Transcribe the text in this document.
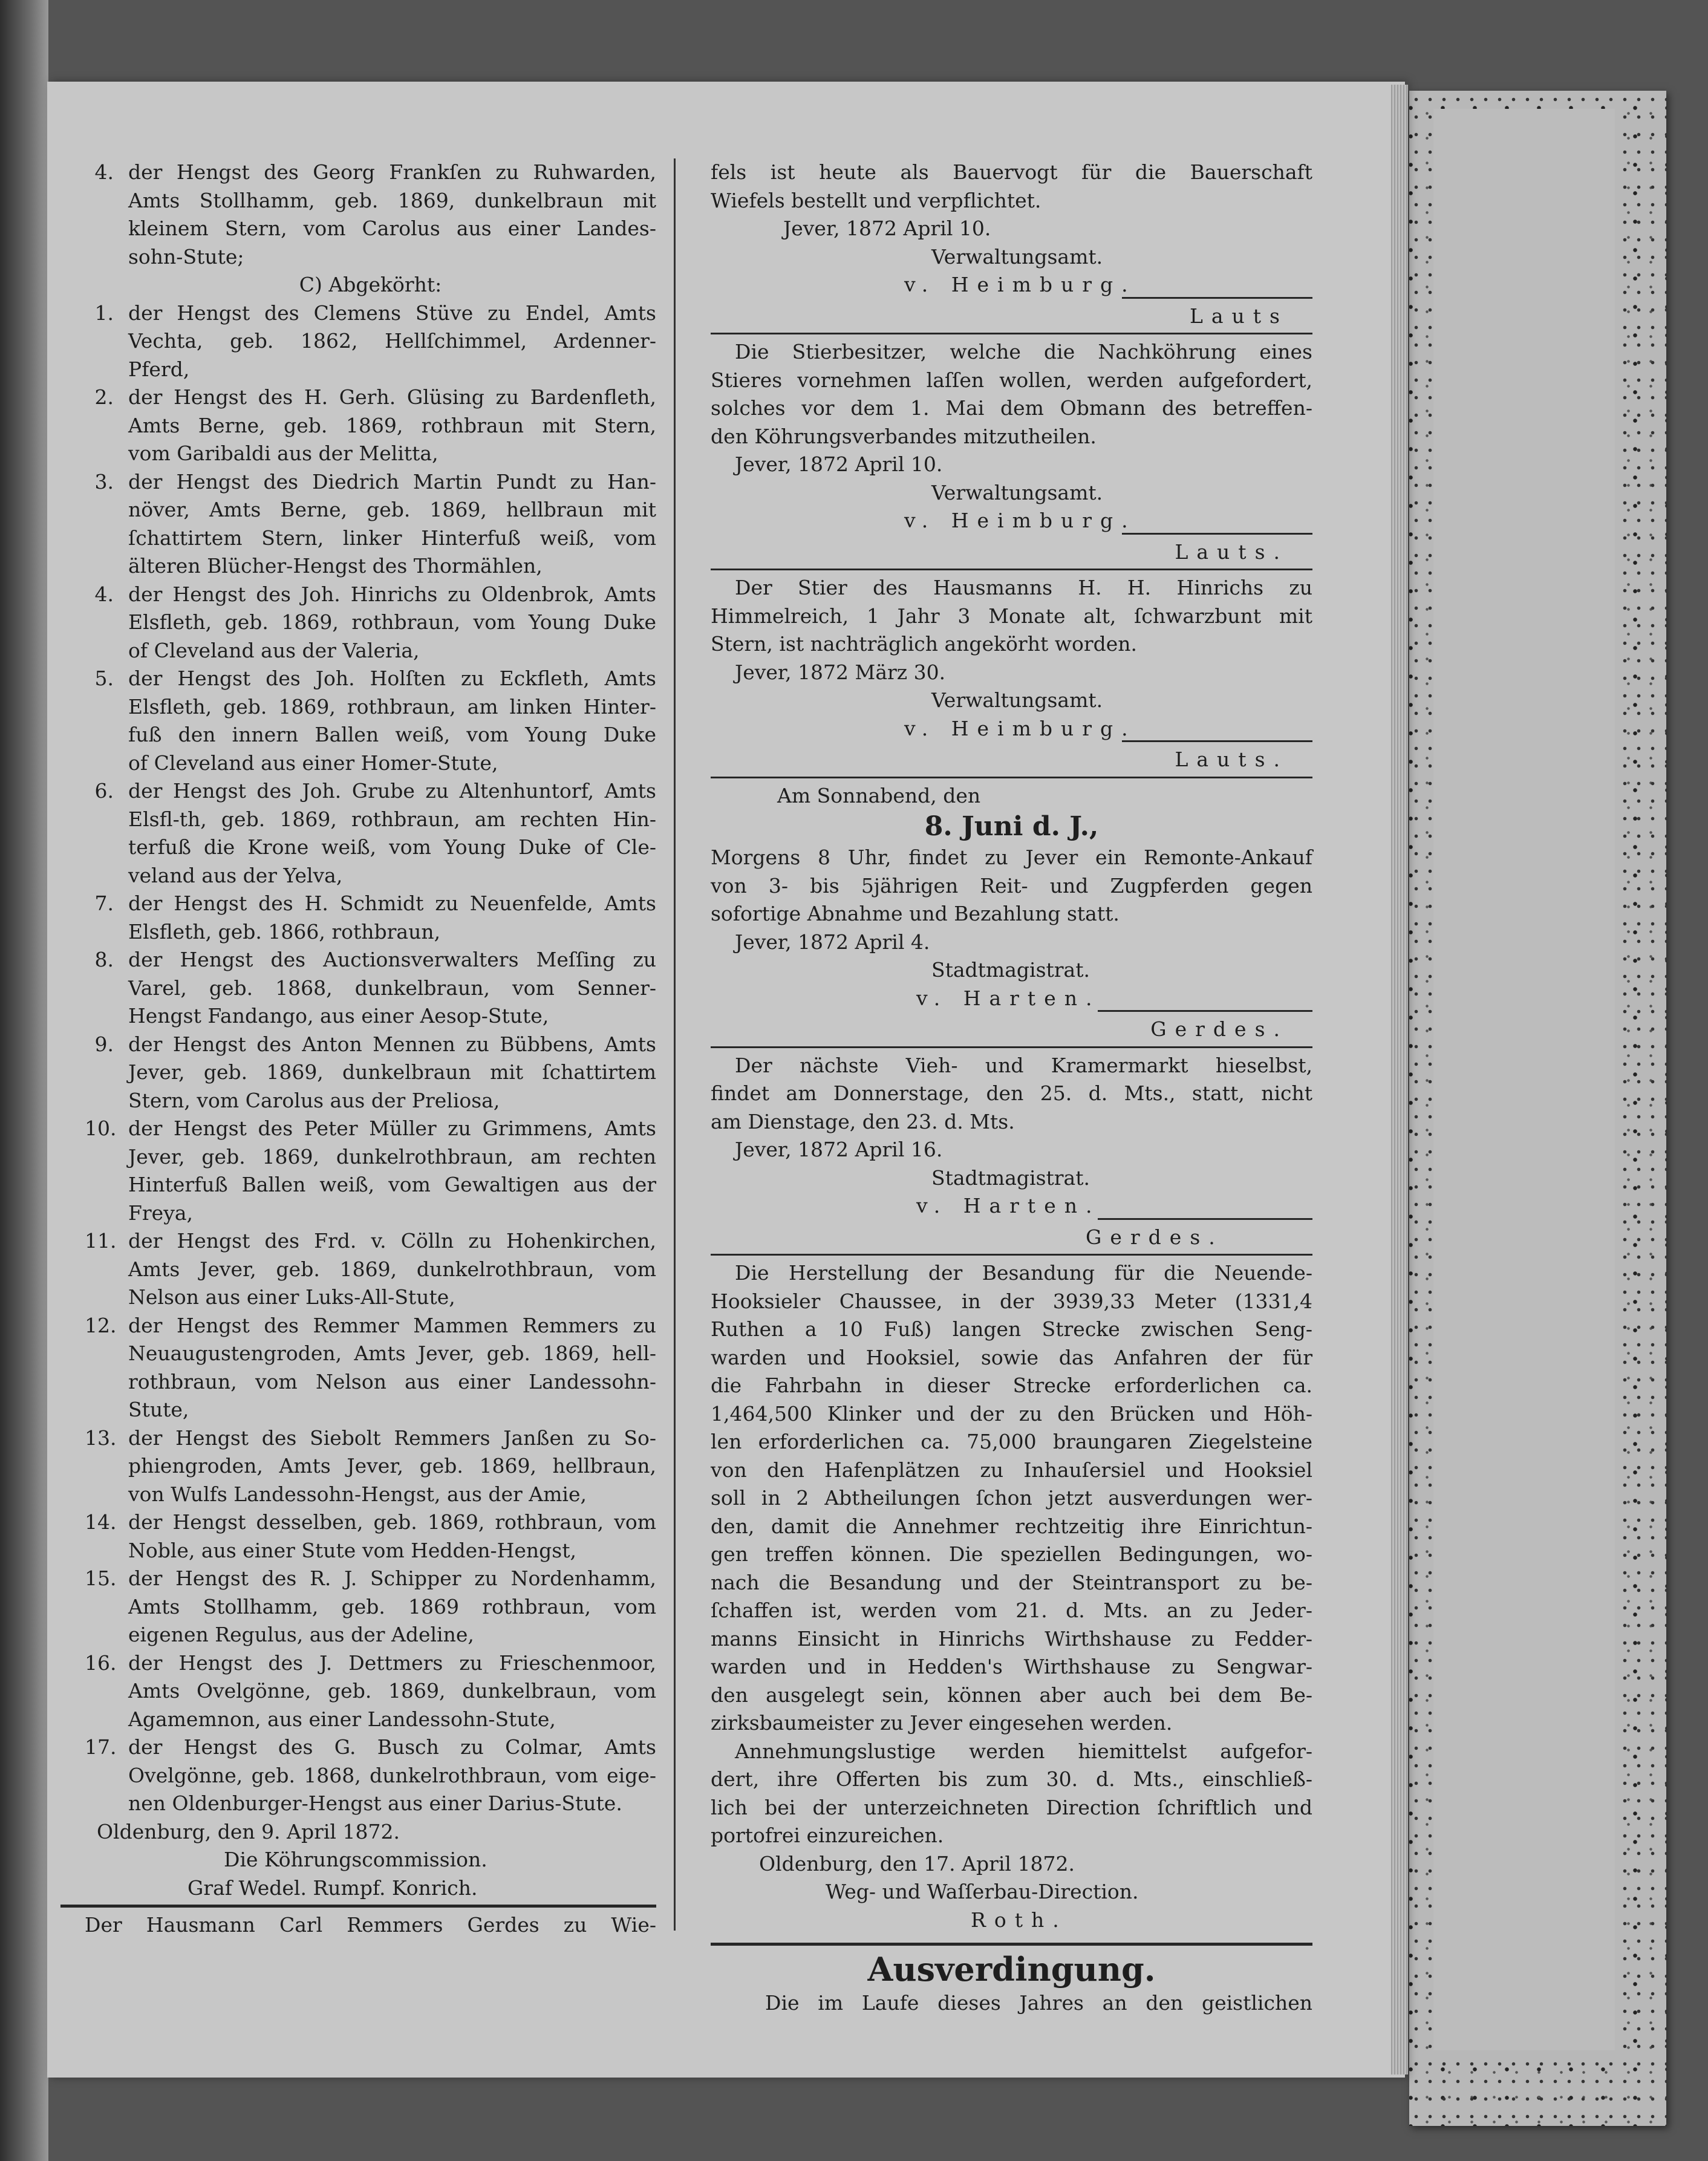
4. der Hengst des Georg Frankſen zu Ruhwarden,
Amts Stollhamm, geb. 1869, dunkelbraun mit
kleinem Stern, vom Carolus aus einer Landes-
sohn-Stute;
C) Abgekörht:
1. der Hengst des Clemens Stüve zu Endel, Amts
Vechta, geb. 1862, Hellſchimmel, Ardenner-
Pferd,
2. der Hengst des H. Gerh. Glüsing zu Bardenfleth,
Amts Berne, geb. 1869, rothbraun mit Stern,
vom Garibaldi aus der Melitta,
3. der Hengst des Diedrich Martin Pundt zu Han-
növer, Amts Berne, geb. 1869, hellbraun mit
ſchattirtem Stern, linker Hinterfuß weiß, vom
älteren Blücher-Hengst des Thormählen,
4. der Hengst des Joh. Hinrichs zu Oldenbrok, Amts
Elsfleth, geb. 1869, rothbraun, vom Young Duke
of Cleveland aus der Valeria,
5. der Hengst des Joh. Holſten zu Eckfleth, Amts
Elsfleth, geb. 1869, rothbraun, am linken Hinter-
fuß den innern Ballen weiß, vom Young Duke
of Cleveland aus einer Homer-Stute,
6. der Hengst des Joh. Grube zu Altenhuntorf, Amts
Elsfl-th, geb. 1869, rothbraun, am rechten Hin-
terfuß die Krone weiß, vom Young Duke of Cle-
veland aus der Yelva,
7. der Hengst des H. Schmidt zu Neuenfelde, Amts
Elsfleth, geb. 1866, rothbraun,
8. der Hengst des Auctionsverwalters Meſſing zu
Varel, geb. 1868, dunkelbraun, vom Senner-
Hengst Fandango, aus einer Aesop-Stute,
9. der Hengst des Anton Mennen zu Bübbens, Amts
Jever, geb. 1869, dunkelbraun mit ſchattirtem
Stern, vom Carolus aus der Preliosa,
10. der Hengst des Peter Müller zu Grimmens, Amts
Jever, geb. 1869, dunkelrothbraun, am rechten
Hinterfuß Ballen weiß, vom Gewaltigen aus der
Freya,
11. der Hengst des Frd. v. Cölln zu Hohenkirchen,
Amts Jever, geb. 1869, dunkelrothbraun, vom
Nelson aus einer Luks-All-Stute,
12. der Hengst des Remmer Mammen Remmers zu
Neuaugustengroden, Amts Jever, geb. 1869, hell-
rothbraun, vom Nelson aus einer Landessohn-
Stute,
13. der Hengst des Siebolt Remmers Janßen zu So-
phiengroden, Amts Jever, geb. 1869, hellbraun,
von Wulfs Landessohn-Hengst, aus der Amie,
14. der Hengst desselben, geb. 1869, rothbraun, vom
Noble, aus einer Stute vom Hedden-Hengst,
15. der Hengst des R. J. Schipper zu Nordenhamm,
Amts Stollhamm, geb. 1869 rothbraun, vom
eigenen Regulus, aus der Adeline,
16. der Hengst des J. Dettmers zu Frieschenmoor,
Amts Ovelgönne, geb. 1869, dunkelbraun, vom
Agamemnon, aus einer Landessohn-Stute,
17. der Hengst des G. Busch zu Colmar, Amts
Ovelgönne, geb. 1868, dunkelrothbraun, vom eige-
nen Oldenburger-Hengst aus einer Darius-Stute.
Oldenburg, den 9. April 1872.
Die Köhrungscommission.
Graf Wedel. Rumpf. Konrich.
Der Hausmann Carl Remmers Gerdes zu Wie-
fels ist heute als Bauervogt für die Bauerschaft
Wiefels bestellt und verpflichtet.
Jever, 1872 April 10.
Verwaltungsamt.
v. Heimburg.
Lauts
Die Stierbesitzer, welche die Nachköhrung eines
Stieres vornehmen laſſen wollen, werden aufgefordert,
solches vor dem 1. Mai dem Obmann des betreffen-
den Köhrungsverbandes mitzutheilen.
Jever, 1872 April 10.
Verwaltungsamt.
v. Heimburg.
Lauts.
Der Stier des Hausmanns H. H. Hinrichs zu
Himmelreich, 1 Jahr 3 Monate alt, ſchwarzbunt mit
Stern, ist nachträglich angekörht worden.
Jever, 1872 März 30.
Verwaltungsamt.
v. Heimburg.
Lauts.
Am Sonnabend, den
8. Juni d. J.,
Morgens 8 Uhr, findet zu Jever ein Remonte-Ankauf
von 3- bis 5jährigen Reit- und Zugpferden gegen
sofortige Abnahme und Bezahlung statt.
Jever, 1872 April 4.
Stadtmagistrat.
v. Harten.
Gerdes.
Der nächste Vieh- und Kramermarkt hieselbst,
findet am Donnerstage, den 25. d. Mts., statt, nicht
am Dienstage, den 23. d. Mts.
Jever, 1872 April 16.
Stadtmagistrat.
v. Harten.
Gerdes.
Die Herstellung der Besandung für die Neuende-
Hooksieler Chaussee, in der 3939,33 Meter (1331,4
Ruthen a 10 Fuß) langen Strecke zwischen Seng-
warden und Hooksiel, sowie das Anfahren der für
die Fahrbahn in dieser Strecke erforderlichen ca.
1,464,500 Klinker und der zu den Brücken und Höh-
len erforderlichen ca. 75,000 braungaren Ziegelsteine
von den Hafenplätzen zu Inhauſersiel und Hooksiel
soll in 2 Abtheilungen ſchon jetzt ausverdungen wer-
den, damit die Annehmer rechtzeitig ihre Einrichtun-
gen treffen können. Die speziellen Bedingungen, wo-
nach die Besandung und der Steintransport zu be-
ſchaffen ist, werden vom 21. d. Mts. an zu Jeder-
manns Einsicht in Hinrichs Wirthshause zu Fedder-
warden und in Hedden's Wirthshause zu Sengwar-
den ausgelegt sein, können aber auch bei dem Be-
zirksbaumeister zu Jever eingesehen werden.
Annehmungslustige werden hiemittelst aufgefor-
dert, ihre Offerten bis zum 30. d. Mts., einschließ-
lich bei der unterzeichneten Direction ſchriftlich und
portofrei einzureichen.
Oldenburg, den 17. April 1872.
Weg- und Waſſerbau-Direction.
Roth.
Ausverdingung.
Die im Laufe dieses Jahres an den geistlichen
